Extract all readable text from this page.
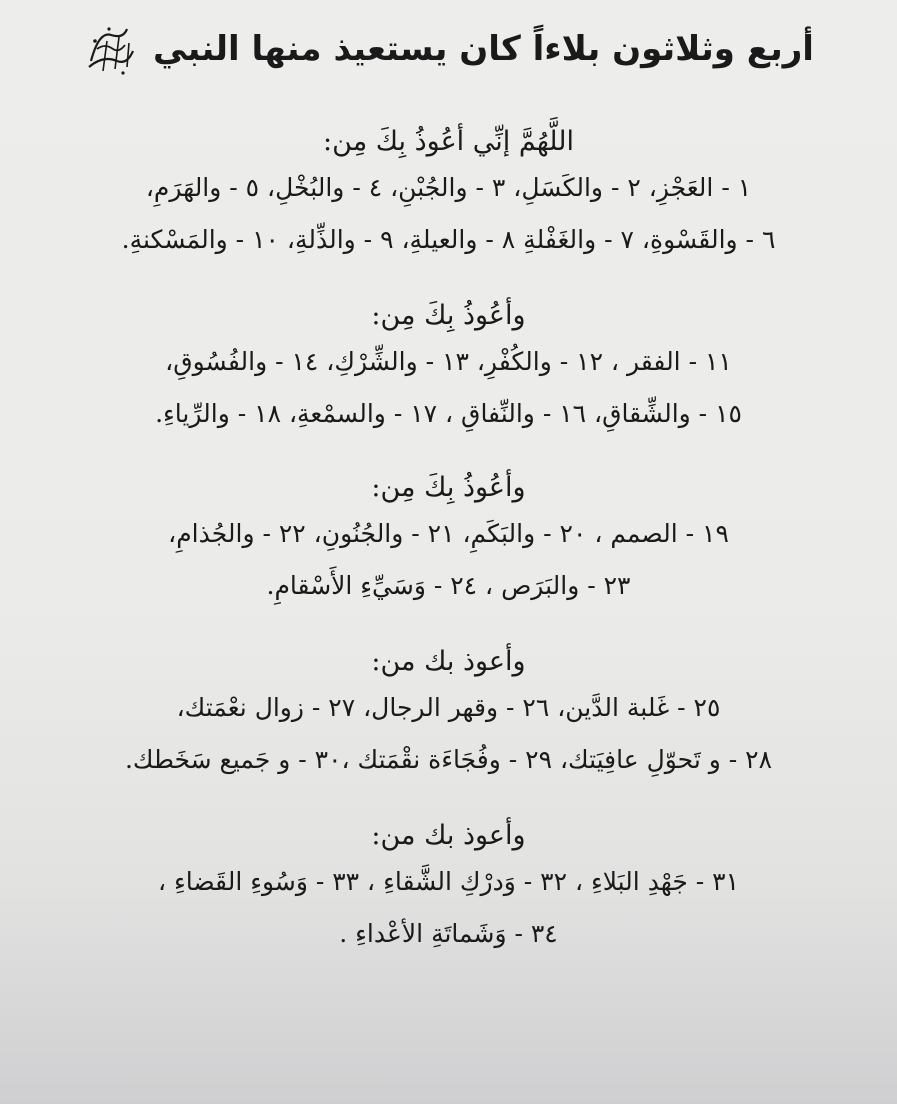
أربع وثلاثون بلاءاً كان يستعيذ منها النبي
اللَّهُمَّ إنِّي أعُوذُ بِكَ مِن:
١ - العَجْزِ، ٢ - والكَسَلِ، ٣ - والجُبْنِ، ٤ - والبُخْلِ، ٥ - والهَرَمِ،
٦ - والقَسْوةِ، ٧ - والغَفْلةِ ٨ - والعيلةِ، ٩ - والذِّلةِ، ١٠ - والمَسْكنةِ.
وأعُوذُ بِكَ مِن:
١١ - الفقر ، ١٢ - والكُفْرِ، ١٣ - والشِّرْكِ، ١٤ - والفُسُوقِ،
١٥ - والشِّقاقِ، ١٦ - والنِّفاقِ ، ١٧ - والسمْعةِ، ١٨ - والرِّياءِ.
وأعُوذُ بِكَ مِن:
١٩ - الصمم ، ٢٠ - والبَكَمِ، ٢١ - والجُنُونِ، ٢٢ - والجُذامِ،
٢٣ - والبَرَص ، ٢٤ - وَسَيِّءِ الأَسْقامِ.
وأعوذ بك من:
٢٥ - غَلبة الدَّين، ٢٦ - وقهر الرجال، ٢٧ - زوال نعْمَتك،
٢٨ - و تَحوّلِ عافِيَتك، ٢٩ - وفُجَاءَة نقْمَتك ،٣٠ - و جَميع سَخَطك.
وأعوذ بك من:
٣١ - جَهْدِ البَلاءِ ، ٣٢ - وَدرْكِ الشَّقاءِ ، ٣٣ - وَسُوءِ القَضاءِ ،
٣٤ - وَشَماتَةِ الأعْداءِ .
